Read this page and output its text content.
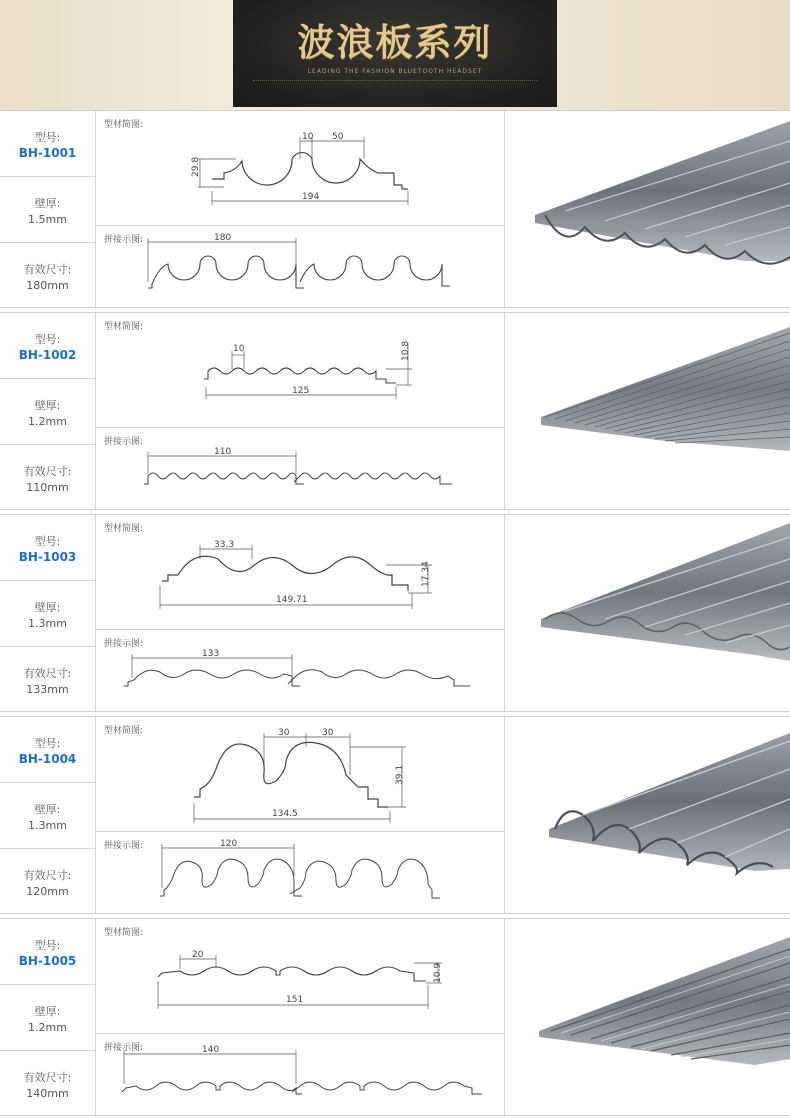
波浪板系列
LEADING THE FASHION BLUETOOTH HEADSET
型号:
BH-1001
壁厚:
1.5mm
有效尺寸:
180mm
型材简图:
29.8
10 50
194
拼接示图:	180
型号:
BH-1002
壁厚:
1.2mm
有效尺寸:
110mm
型材简图:
10
125
10.8
拼接示图:
110
型号:
BH-1003
壁厚:
1.3mm
有效尺寸:
133mm
型材简图:
33.3
149.71
17.34
拼接示图:
133
型号:
BH-1004
壁厚:
1.3mm
有效尺寸:
120mm
型材简图:	30	30
134.5
39.1
拼接示图:	120
型号:
BH-1005
壁厚:
1.2mm
有效尺寸:
140mm
型材简图:
20
151
10.9
拼接示图:	140
